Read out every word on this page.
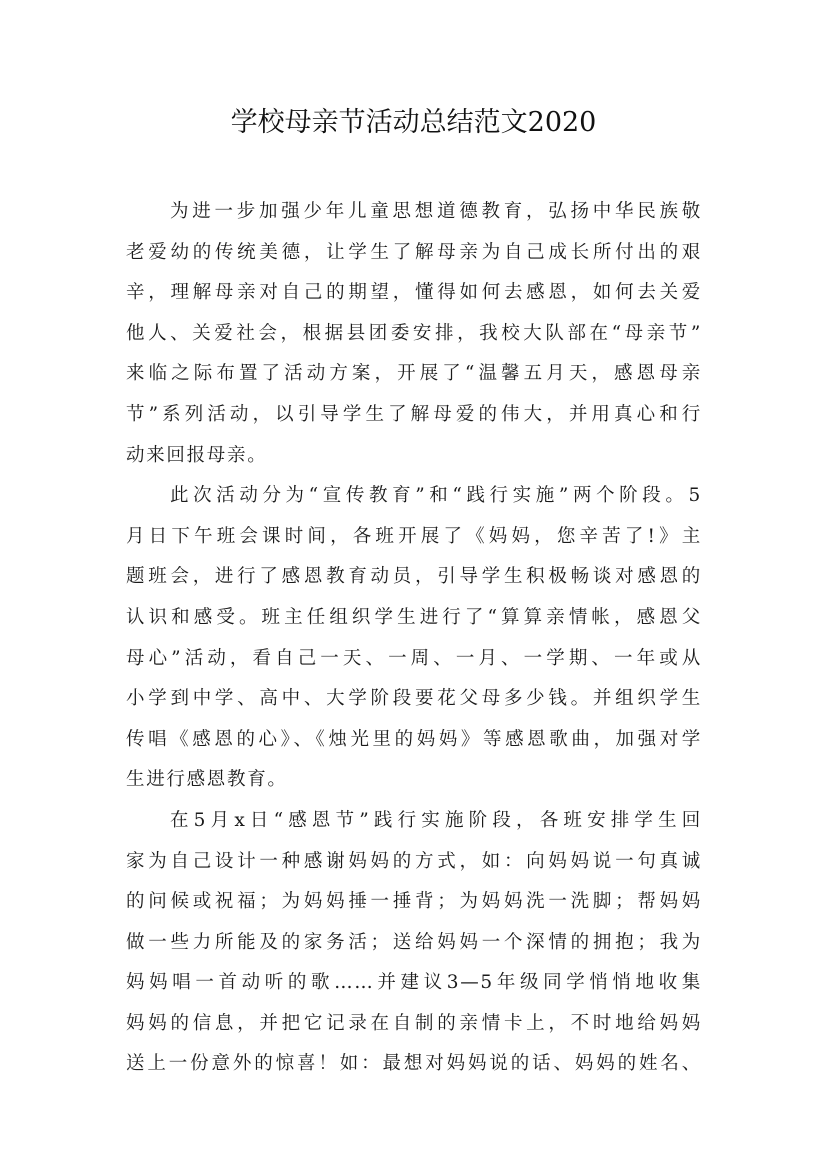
学校母亲节活动总结范文2020
为进一步加强少年儿童思想道德教育，弘扬中华民族敬
老爱幼的传统美德，让学生了解母亲为自己成长所付出的艰
辛，理解母亲对自己的期望，懂得如何去感恩，如何去关爱
他人、关爱社会，根据县团委安排，我校大队部在“母亲节”
来临之际布置了活动方案，开展了“温馨五月天，感恩母亲
节”系列活动，以引导学生了解母爱的伟大，并用真心和行
动来回报母亲。
此次活动分为“宣传教育”和“践行实施”两个阶段。5
月日下午班会课时间，各班开展了《妈妈，您辛苦了!》主
题班会，进行了感恩教育动员，引导学生积极畅谈对感恩的
认识和感受。班主任组织学生进行了“算算亲情帐，感恩父
母心”活动，看自己一天、一周、一月、一学期、一年或从
小学到中学、高中、大学阶段要花父母多少钱。并组织学生
传唱《感恩的心》、《烛光里的妈妈》等感恩歌曲，加强对学
生进行感恩教育。
在5月x日“感恩节”践行实施阶段，各班安排学生回
家为自己设计一种感谢妈妈的方式，如：向妈妈说一句真诚
的问候或祝福；为妈妈捶一捶背；为妈妈洗一洗脚；帮妈妈
做一些力所能及的家务活；送给妈妈一个深情的拥抱；我为
妈妈唱一首动听的歌……并建议3—5年级同学悄悄地收集
妈妈的信息，并把它记录在自制的亲情卡上，不时地给妈妈
送上一份意外的惊喜！如：最想对妈妈说的话、妈妈的姓名、
